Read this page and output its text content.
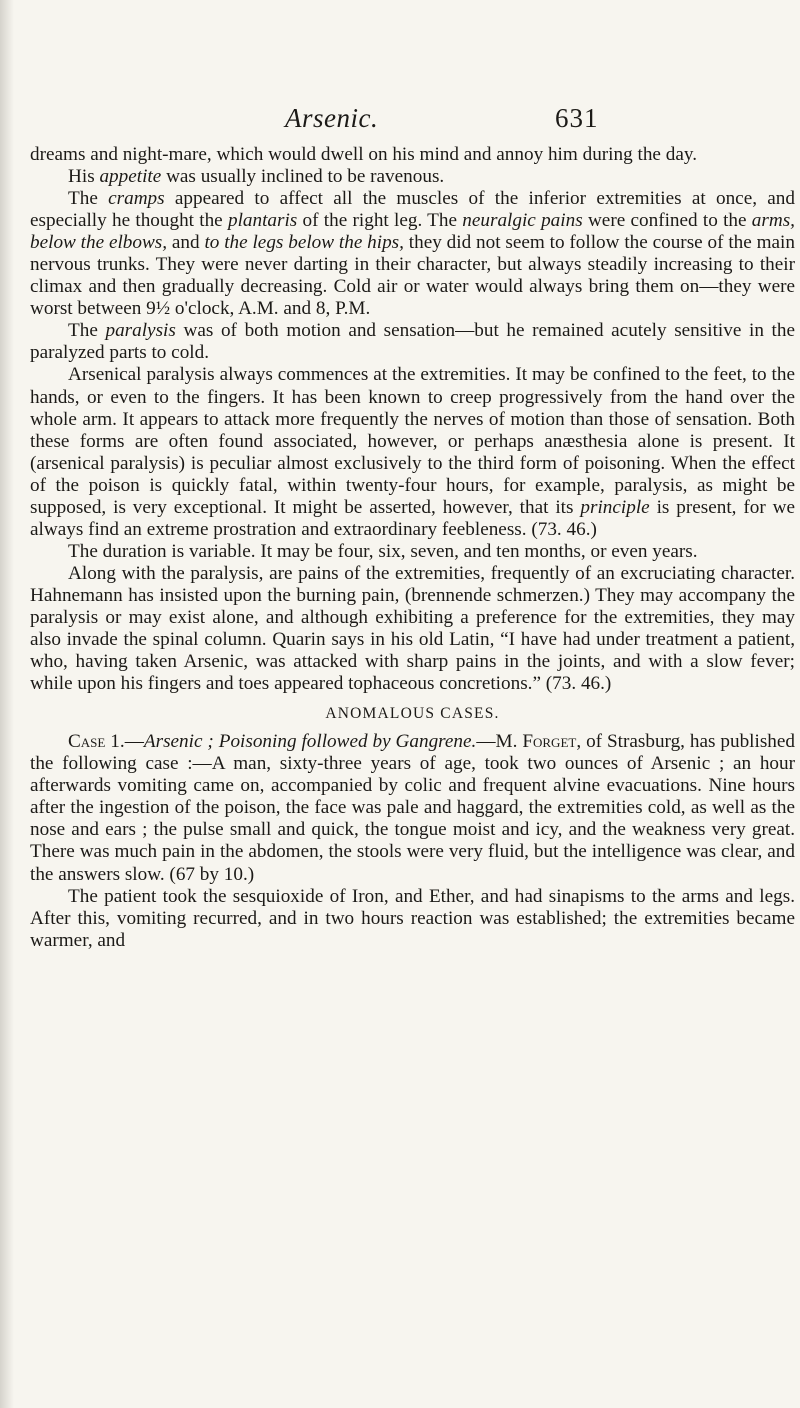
Arsenic.	631

dreams and night-mare, which would dwell on his mind and annoy him during the day.

His appetite was usually inclined to be ravenous.

The cramps appeared to affect all the muscles of the inferior extremities at once, and especially he thought the plantaris of the right leg. The neuralgic pains were confined to the arms, below the elbows, and to the legs below the hips, they did not seem to follow the course of the main nervous trunks. They were never darting in their character, but always steadily increasing to their climax and then gradually decreasing. Cold air or water would always bring them on—they were worst between 9½ o'clock, A.M. and 8, P.M.

The paralysis was of both motion and sensation—but he remained acutely sensitive in the paralyzed parts to cold.

Arsenical paralysis always commences at the extremities. It may be confined to the feet, to the hands, or even to the fingers. It has been known to creep progressively from the hand over the whole arm. It appears to attack more frequently the nerves of motion than those of sensation. Both these forms are often found associated, however, or perhaps anæsthesia alone is present. It (arsenical paralysis) is peculiar almost exclusively to the third form of poisoning. When the effect of the poison is quickly fatal, within twenty-four hours, for example, paralysis, as might be supposed, is very exceptional. It might be asserted, however, that its principle is present, for we always find an extreme prostration and extraordinary feebleness. (73. 46.)

The duration is variable. It may be four, six, seven, and ten months, or even years.

Along with the paralysis, are pains of the extremities, frequently of an excruciating character. Hahnemann has insisted upon the burning pain, (brennende schmerzen.) They may accompany the paralysis or may exist alone, and although exhibiting a preference for the extremities, they may also invade the spinal column. Quarin says in his old Latin, “I have had under treatment a patient, who, having taken Arsenic, was attacked with sharp pains in the joints, and with a slow fever; while upon his fingers and toes appeared tophaceous concretions.” (73. 46.)

ANOMALOUS CASES.

Case 1.—Arsenic ; Poisoning followed by Gangrene.—M. Forget, of Strasburg, has published the following case :—A man, sixty-three years of age, took two ounces of Arsenic ; an hour afterwards vomiting came on, accompanied by colic and frequent alvine evacuations. Nine hours after the ingestion of the poison, the face was pale and haggard, the extremities cold, as well as the nose and ears ; the pulse small and quick, the tongue moist and icy, and the weakness very great. There was much pain in the abdomen, the stools were very fluid, but the intelligence was clear, and the answers slow. (67 by 10.)

The patient took the sesquioxide of Iron, and Ether, and had sinapisms to the arms and legs. After this, vomiting recurred, and in two hours reaction was established; the extremities became warmer, and
